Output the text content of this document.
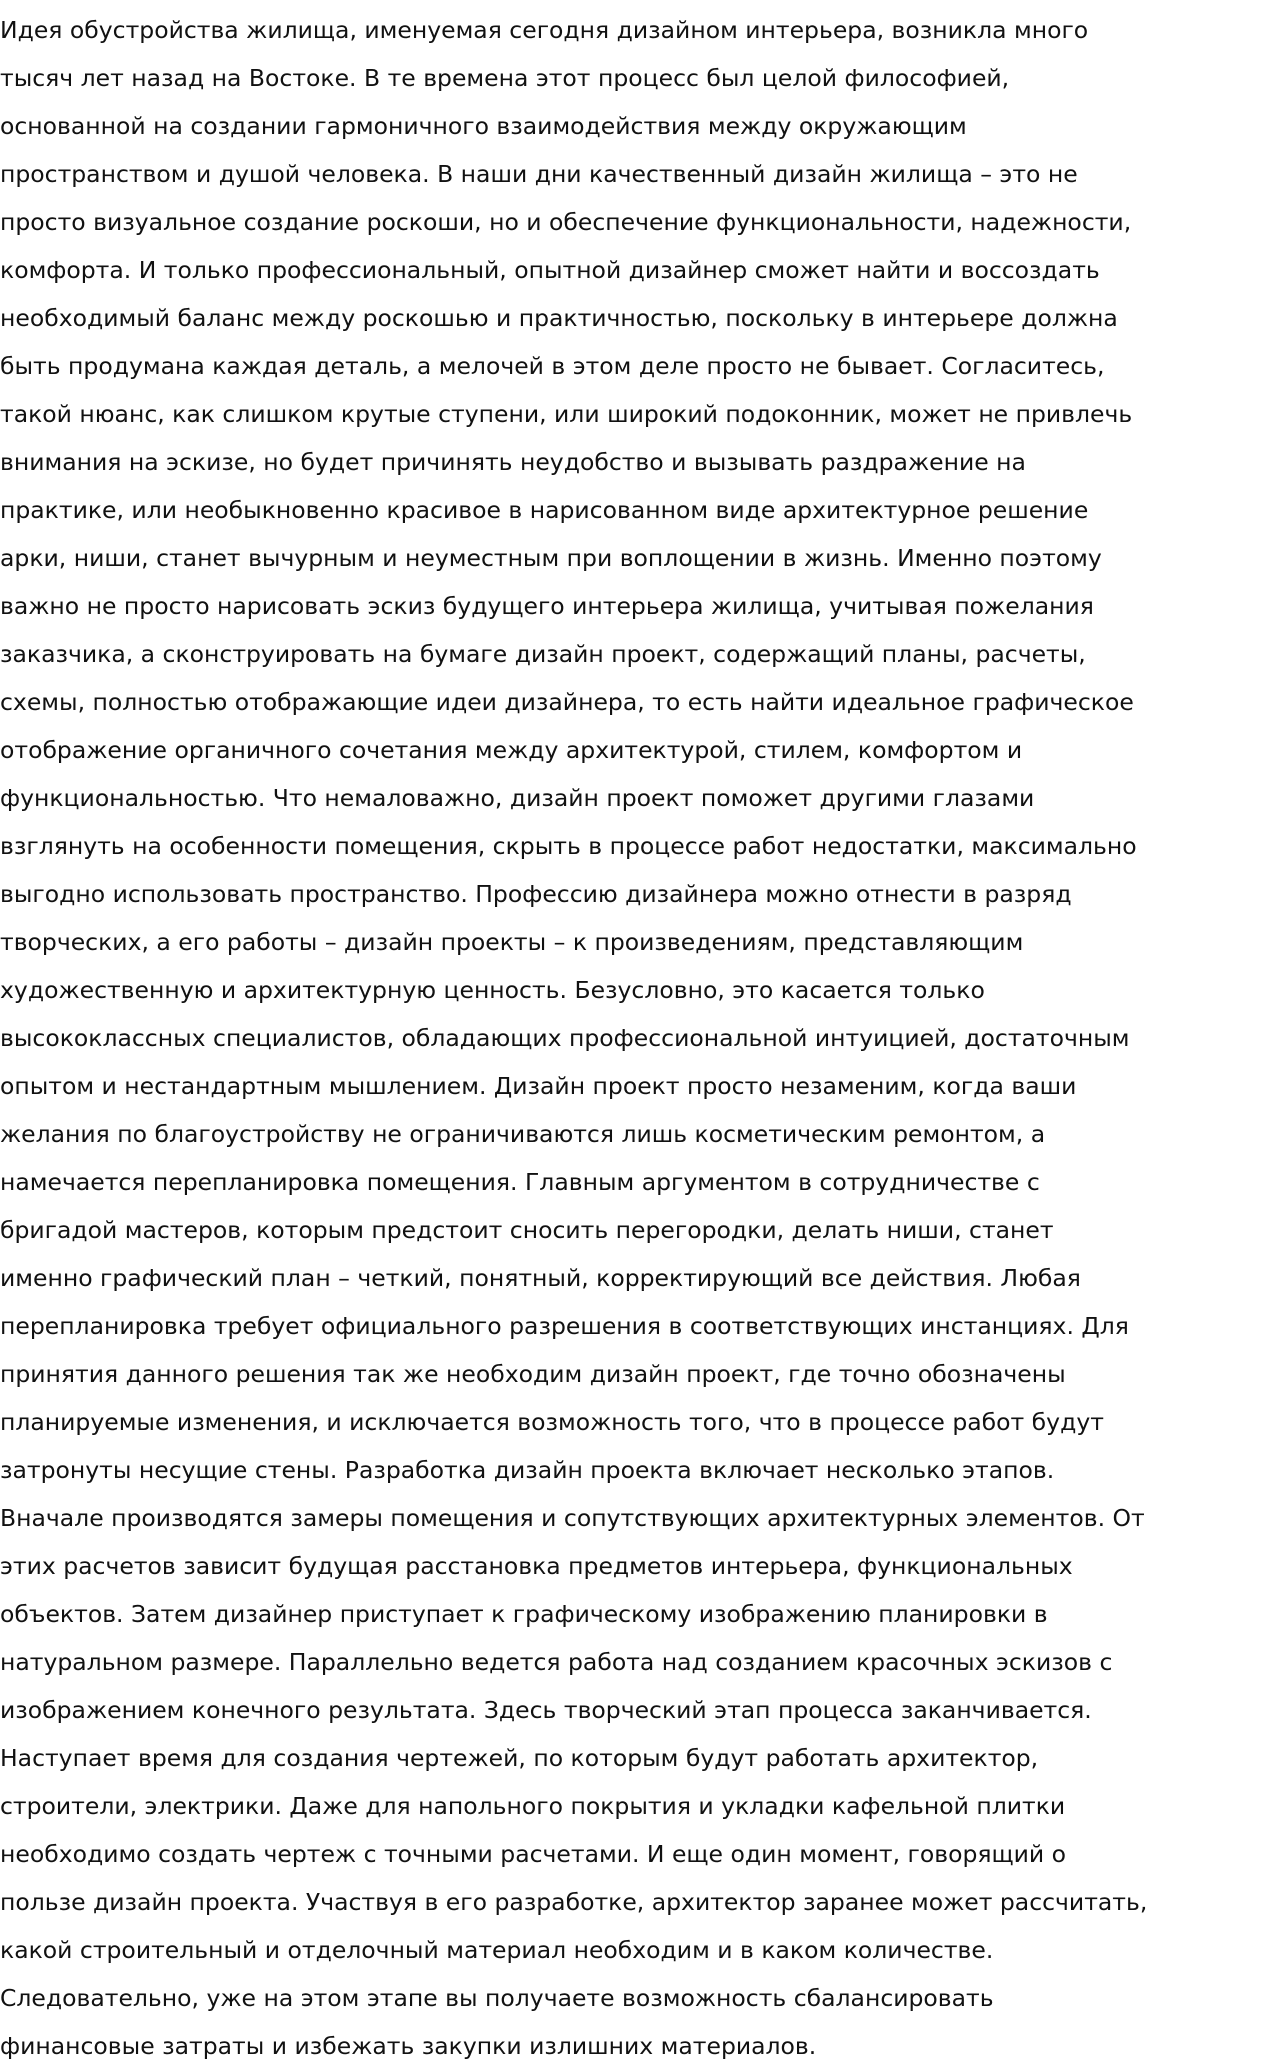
Идея обустройства жилища, именуемая сегодня дизайном интерьера, возникла много
тысяч лет назад на Востоке. В те времена этот процесс был целой философией,
основанной на создании гармоничного взаимодействия между окружающим
пространством и душой человека. В наши дни качественный дизайн жилища – это не
просто визуальное создание роскоши, но и обеспечение функциональности, надежности,
комфорта. И только профессиональный, опытной дизайнер сможет найти и воссоздать
необходимый баланс между роскошью и практичностью, поскольку в интерьере должна
быть продумана каждая деталь, а мелочей в этом деле просто не бывает. Согласитесь,
такой нюанс, как слишком крутые ступени, или широкий подоконник, может не привлечь
внимания на эскизе, но будет причинять неудобство и вызывать раздражение на
практике, или необыкновенно красивое в нарисованном виде архитектурное решение
арки, ниши, станет вычурным и неуместным при воплощении в жизнь. Именно поэтому
важно не просто нарисовать эскиз будущего интерьера жилища, учитывая пожелания
заказчика, а сконструировать на бумаге дизайн проект, содержащий планы, расчеты,
схемы, полностью отображающие идеи дизайнера, то есть найти идеальное графическое
отображение органичного сочетания между архитектурой, стилем, комфортом и
функциональностью. Что немаловажно, дизайн проект поможет другими глазами
взглянуть на особенности помещения, скрыть в процессе работ недостатки, максимально
выгодно использовать пространство. Профессию дизайнера можно отнести в разряд
творческих, а его работы – дизайн проекты – к произведениям, представляющим
художественную и архитектурную ценность. Безусловно, это касается только
высококлассных специалистов, обладающих профессиональной интуицией, достаточным
опытом и нестандартным мышлением. Дизайн проект просто незаменим, когда ваши
желания по благоустройству не ограничиваются лишь косметическим ремонтом, а
намечается перепланировка помещения. Главным аргументом в сотрудничестве с
бригадой мастеров, которым предстоит сносить перегородки, делать ниши, станет
именно графический план – четкий, понятный, корректирующий все действия. Любая
перепланировка требует официального разрешения в соответствующих инстанциях. Для
принятия данного решения так же необходим дизайн проект, где точно обозначены
планируемые изменения, и исключается возможность того, что в процессе работ будут
затронуты несущие стены. Разработка дизайн проекта включает несколько этапов.
Вначале производятся замеры помещения и сопутствующих архитектурных элементов. От
этих расчетов зависит будущая расстановка предметов интерьера, функциональных
объектов. Затем дизайнер приступает к графическому изображению планировки в
натуральном размере. Параллельно ведется работа над созданием красочных эскизов с
изображением конечного результата. Здесь творческий этап процесса заканчивается.
Наступает время для создания чертежей, по которым будут работать архитектор,
строители, электрики. Даже для напольного покрытия и укладки кафельной плитки
необходимо создать чертеж с точными расчетами. И еще один момент, говорящий о
пользе дизайн проекта. Участвуя в его разработке, архитектор заранее может рассчитать,
какой строительный и отделочный материал необходим и в каком количестве.
Следовательно, уже на этом этапе вы получаете возможность сбалансировать
финансовые затраты и избежать закупки излишних материалов.
